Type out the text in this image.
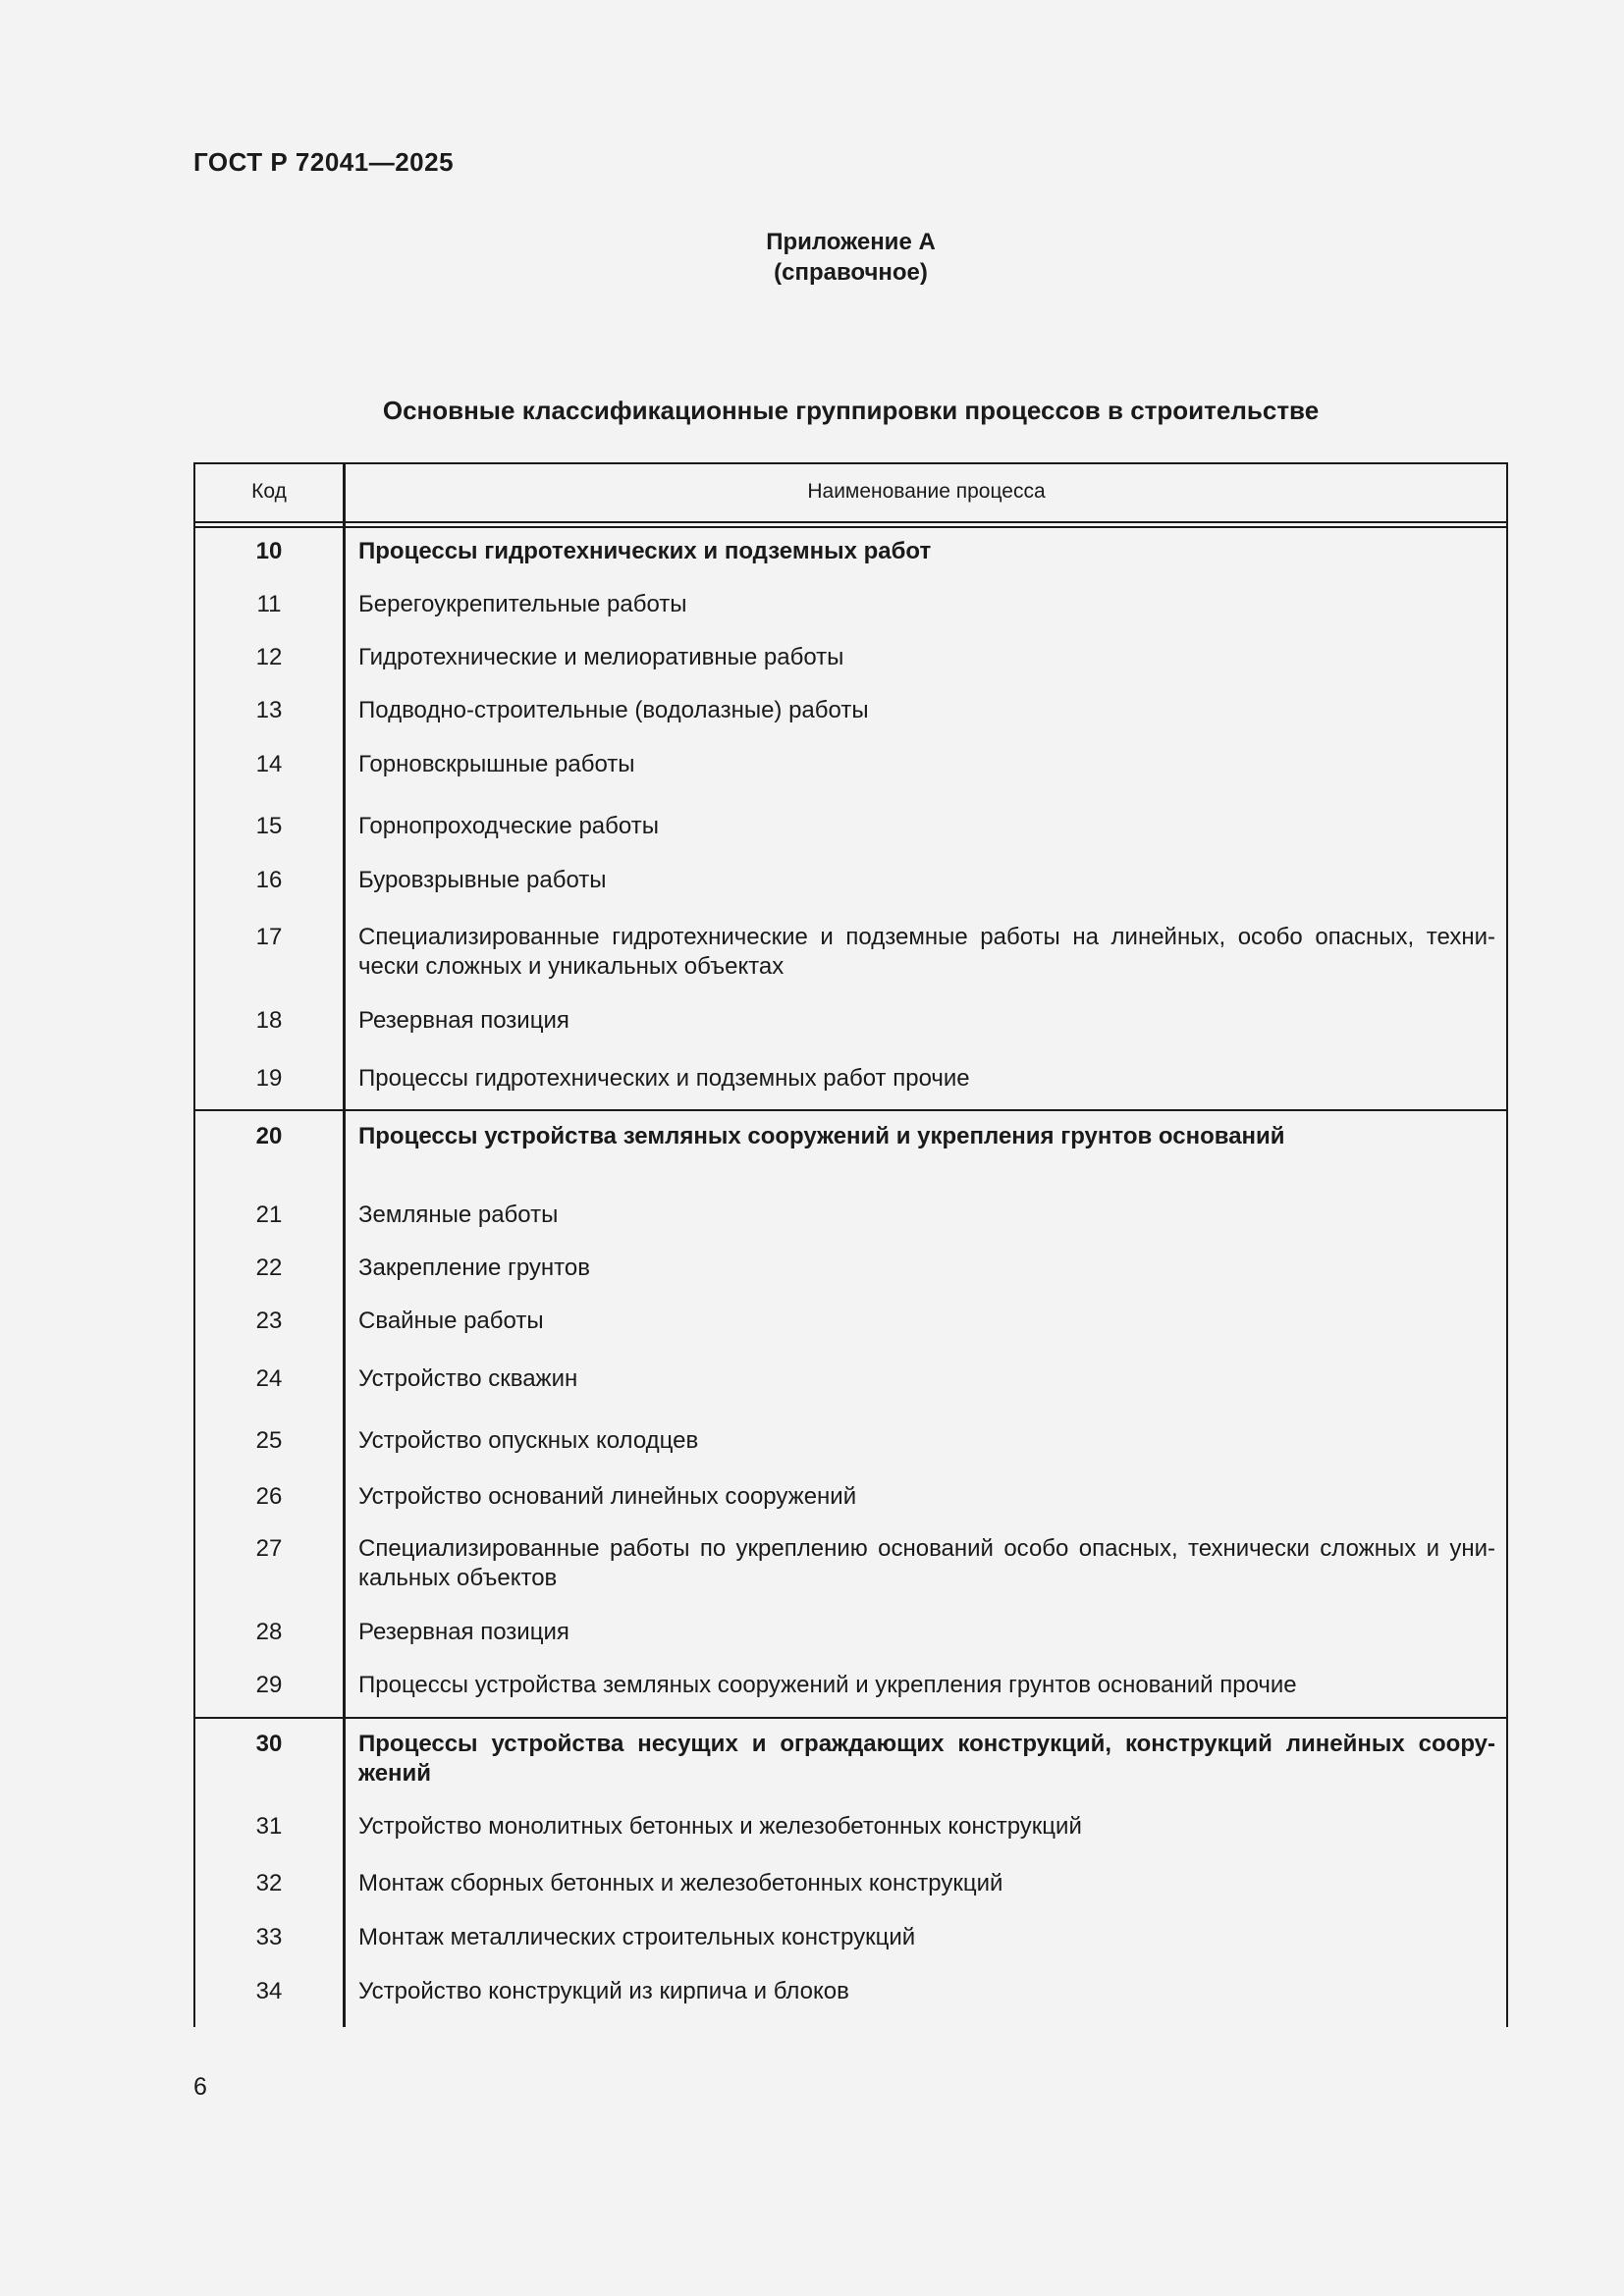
ГОСТ Р 72041—2025
Приложение А
(справочное)
Основные классификационные группировки процессов в строительстве
Код	Наименование процесса
10	Процессы гидротехнических и подземных работ
11	Берегоукрепительные работы
12	Гидротехнические и мелиоративные работы
13	Подводно-строительные (водолазные) работы
14	Горновскрышные работы
15	Горнопроходческие работы
16	Буровзрывные работы
17	Специализированные гидротехнические и подземные работы на линейных, особо опасных, техни-чески сложных и уникальных объектах
18	Резервная позиция
19	Процессы гидротехнических и подземных работ прочие
20	Процессы устройства земляных сооружений и укрепления грунтов оснований
21	Земляные работы
22	Закрепление грунтов
23	Свайные работы
24	Устройство скважин
25	Устройство опускных колодцев
26	Устройство оснований линейных сооружений
27	Специализированные работы по укреплению оснований особо опасных, технически сложных и уни-кальных объектов
28	Резервная позиция
29	Процессы устройства земляных сооружений и укрепления грунтов оснований прочие
30	Процессы устройства несущих и ограждающих конструкций, конструкций линейных соору-жений
31	Устройство монолитных бетонных и железобетонных конструкций
32	Монтаж сборных бетонных и железобетонных конструкций
33	Монтаж металлических строительных конструкций
34	Устройство конструкций из кирпича и блоков
6
